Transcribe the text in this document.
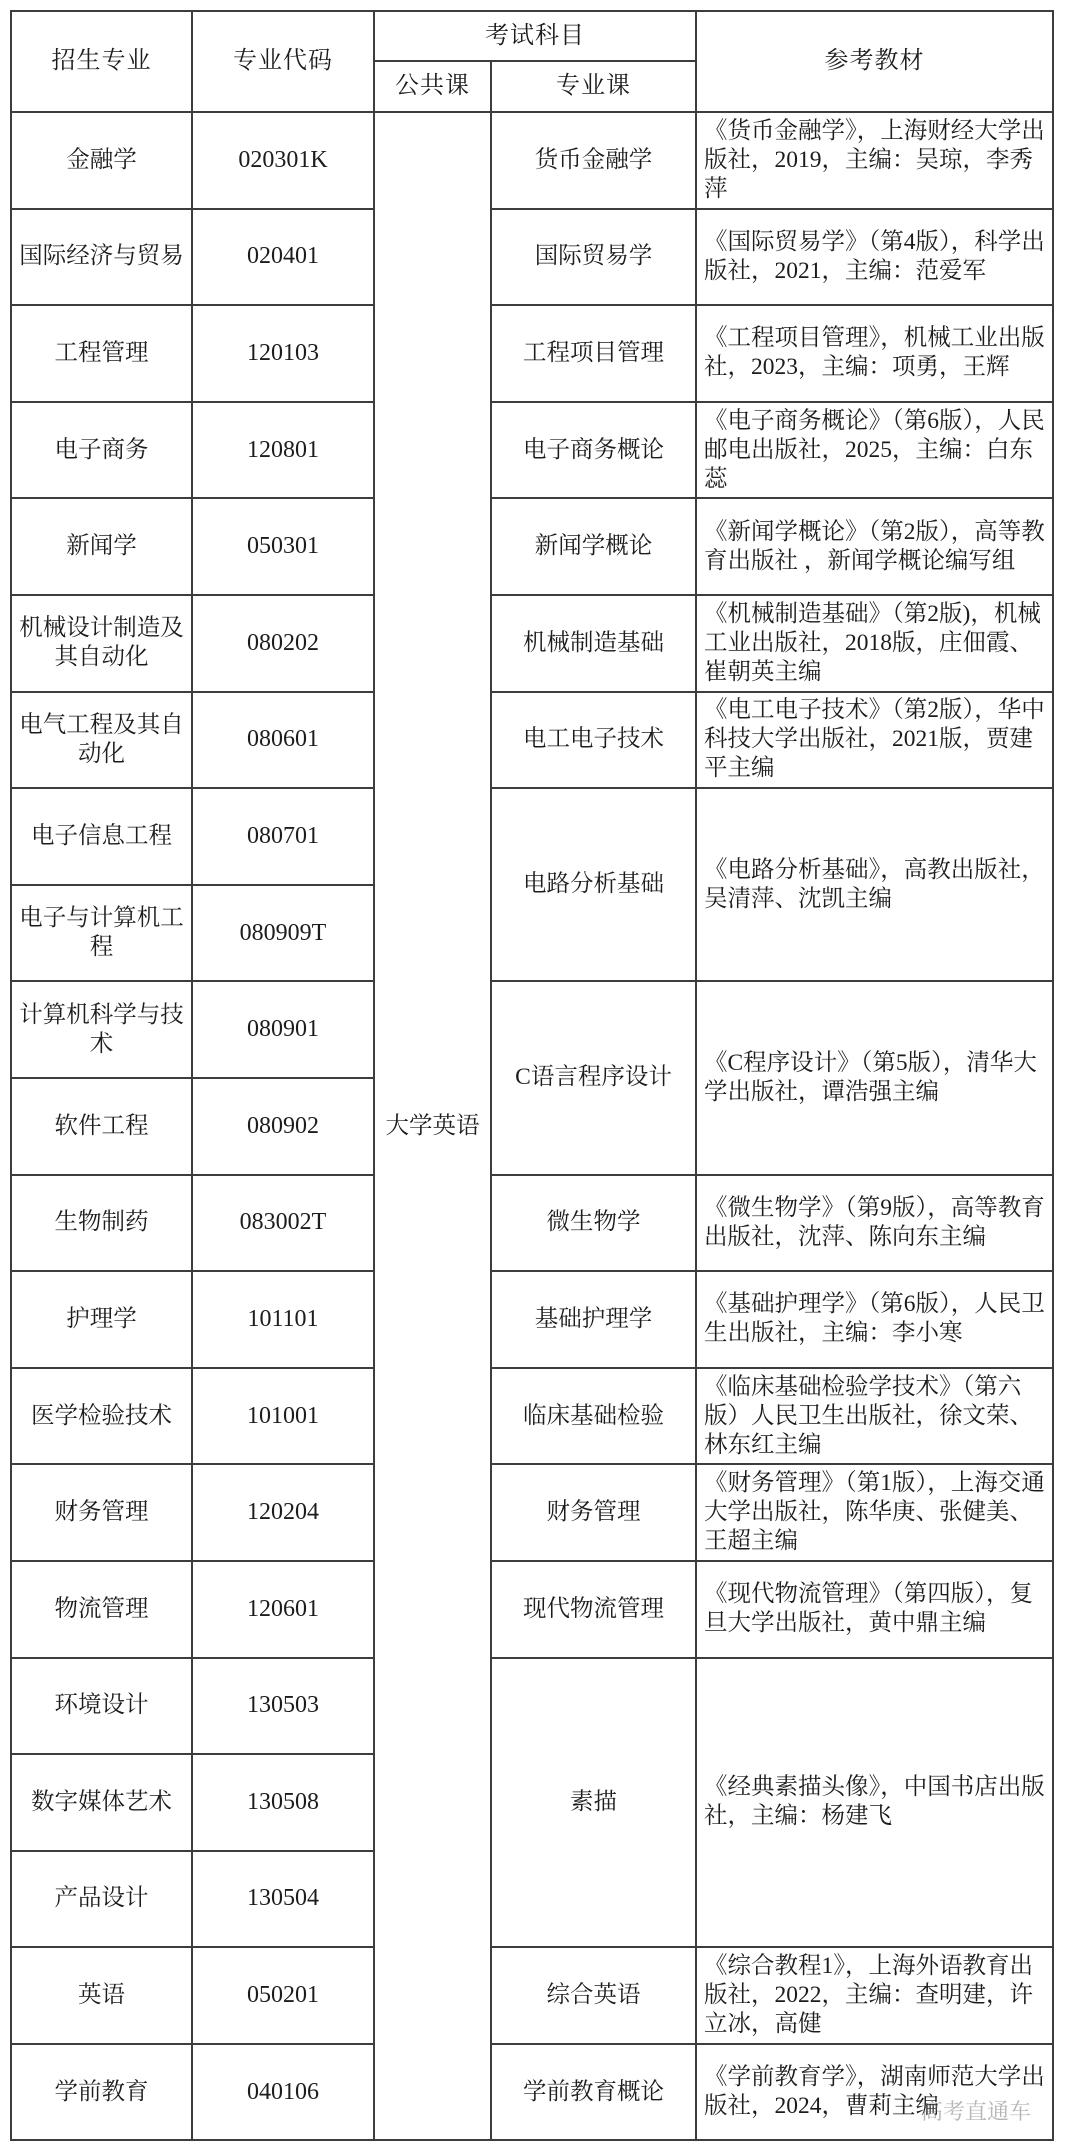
招生专业	专业代码	考试科目		参考教材
		公共课	专业课	
金融学	020301K	大学英语	货币金融学	《货币金融学》，上海财经大学出版社，2019，主编：吴琼，李秀萍
国际经济与贸易	020401		国际贸易学	《国际贸易学》（第4版），科学出版社，2021，主编：范爱军
工程管理	120103		工程项目管理	《工程项目管理》，机械工业出版社，2023，主编：项勇，王辉
电子商务	120801		电子商务概论	《电子商务概论》（第6版），人民邮电出版社，2025，主编：白东蕊
新闻学	050301		新闻学概论	《新闻学概论》（第2版），高等教育出版社 ，新闻学概论编写组
机械设计制造及其自动化	080202		机械制造基础	《机械制造基础》（第2版)，机械工业出版社，2018版，庄佃霞、崔朝英主编
电气工程及其自动化	080601		电工电子技术	《电工电子技术》（第2版），华中科技大学出版社，2021版，贾建平主编
电子信息工程	080701		电路分析基础	《电路分析基础》，高教出版社，吴清萍、沈凯主编
电子与计算机工程	080909T			
计算机科学与技术	080901		C语言程序设计	《C程序设计》（第5版），清华大学出版社，谭浩强主编
软件工程	080902			
生物制药	083002T		微生物学	《微生物学》（第9版），高等教育出版社，沈萍、陈向东主编
护理学	101101		基础护理学	《基础护理学》（第6版），人民卫生出版社，主编：李小寒
医学检验技术	101001		临床基础检验	《临床基础检验学技术》（第六版）人民卫生出版社，徐文荣、林东红主编
财务管理	120204		财务管理	《财务管理》（第1版），上海交通大学出版社，陈华庚、张健美、王超主编
物流管理	120601		现代物流管理	《现代物流管理》（第四版），复旦大学出版社，黄中鼎主编
环境设计	130503		素描	《经典素描头像》，中国书店出版社，主编：杨建飞
数字媒体艺术	130508			
产品设计	130504			
英语	050201		综合英语	《综合教程1》，上海外语教育出版社，2022，主编：查明建，许立冰，高健
学前教育	040106		学前教育概论	《学前教育学》，湖南师范大学出版社，2024，曹莉主编
高考直通车
